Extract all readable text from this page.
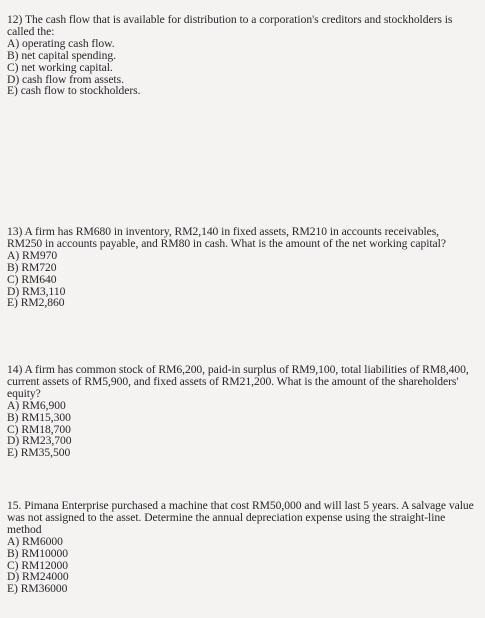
12) The cash flow that is available for distribution to a corporation's creditors and stockholders is called the:

A) operating cash flow.
B) net capital spending.
C) net working capital.
D) cash flow from assets.
E) cash flow to stockholders.

13) A firm has RM680 in inventory, RM2,140 in fixed assets, RM210 in accounts receivables, RM250 in accounts payable, and RM80 in cash. What is the amount of the net working capital?

A) RM970
B) RM720
C) RM640
D) RM3,110
E) RM2,860

14) A firm has common stock of RM6,200, paid-in surplus of RM9,100, total liabilities of RM8,400, current assets of RM5,900, and fixed assets of RM21,200. What is the amount of the shareholders' equity?

A) RM6,900
B) RM15,300
C) RM18,700
D) RM23,700
E) RM35,500

15. Pimana Enterprise purchased a machine that cost RM50,000 and will last 5 years. A salvage value was not assigned to the asset. Determine the annual depreciation expense using the straight-line method

A) RM6000
B) RM10000
C) RM12000
D) RM24000
E) RM36000
